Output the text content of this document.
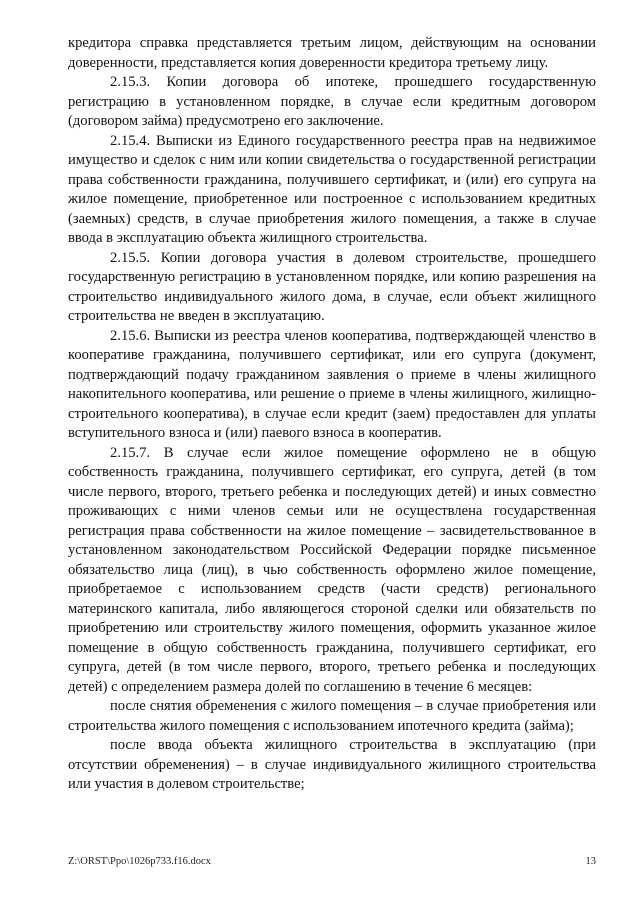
кредитора справка представляется третьим лицом, действующим на основании доверенности, представляется копия доверенности кредитора третьему лицу.

2.15.3. Копии договора об ипотеке, прошедшего государственную регистрацию в установленном порядке, в случае если кредитным договором (договором займа) предусмотрено его заключение.

2.15.4. Выписки из Единого государственного реестра прав на недвижимое имущество и сделок с ним или копии свидетельства о государственной регистрации права собственности гражданина, получившего сертификат, и (или) его супруга на жилое помещение, приобретенное или построенное с использованием кредитных (заемных) средств, в случае приобретения жилого помещения, а также в случае ввода в эксплуатацию объекта жилищного строительства.

2.15.5. Копии договора участия в долевом строительстве, прошедшего государственную регистрацию в установленном порядке, или копию разрешения на строительство индивидуального жилого дома, в случае, если объект жилищного строительства не введен в эксплуатацию.

2.15.6. Выписки из реестра членов кооператива, подтверждающей членство в кооперативе гражданина, получившего сертификат, или его супруга (документ, подтверждающий подачу гражданином заявления о приеме в члены жилищного накопительного кооператива, или решение о приеме в члены жилищного, жилищно-строительного кооператива), в случае если кредит (заем) предоставлен для уплаты вступительного взноса и (или) паевого взноса в кооператив.

2.15.7. В случае если жилое помещение оформлено не в общую собственность гражданина, получившего сертификат, его супруга, детей (в том числе первого, второго, третьего ребенка и последующих детей) и иных совместно проживающих с ними членов семьи или не осуществлена государственная регистрация права собственности на жилое помещение – засвидетельствованное в установленном законодательством Российской Федерации порядке письменное обязательство лица (лиц), в чью собственность оформлено жилое помещение, приобретаемое с использованием средств (части средств) регионального материнского капитала, либо являющегося стороной сделки или обязательств по приобретению или строительству жилого помещения, оформить указанное жилое помещение в общую собственность гражданина, получившего сертификат, его супруга, детей (в том числе первого, второго, третьего ребенка и последующих детей) с определением размера долей по соглашению в течение 6 месяцев:

после снятия обременения с жилого помещения – в случае приобретения или строительства жилого помещения с использованием ипотечного кредита (займа);

после ввода объекта жилищного строительства в эксплуатацию (при отсутствии обременения) – в случае индивидуального жилищного строительства или участия в долевом строительстве;

Z:\ORST\Ppo\1026p733.f16.docx	13
